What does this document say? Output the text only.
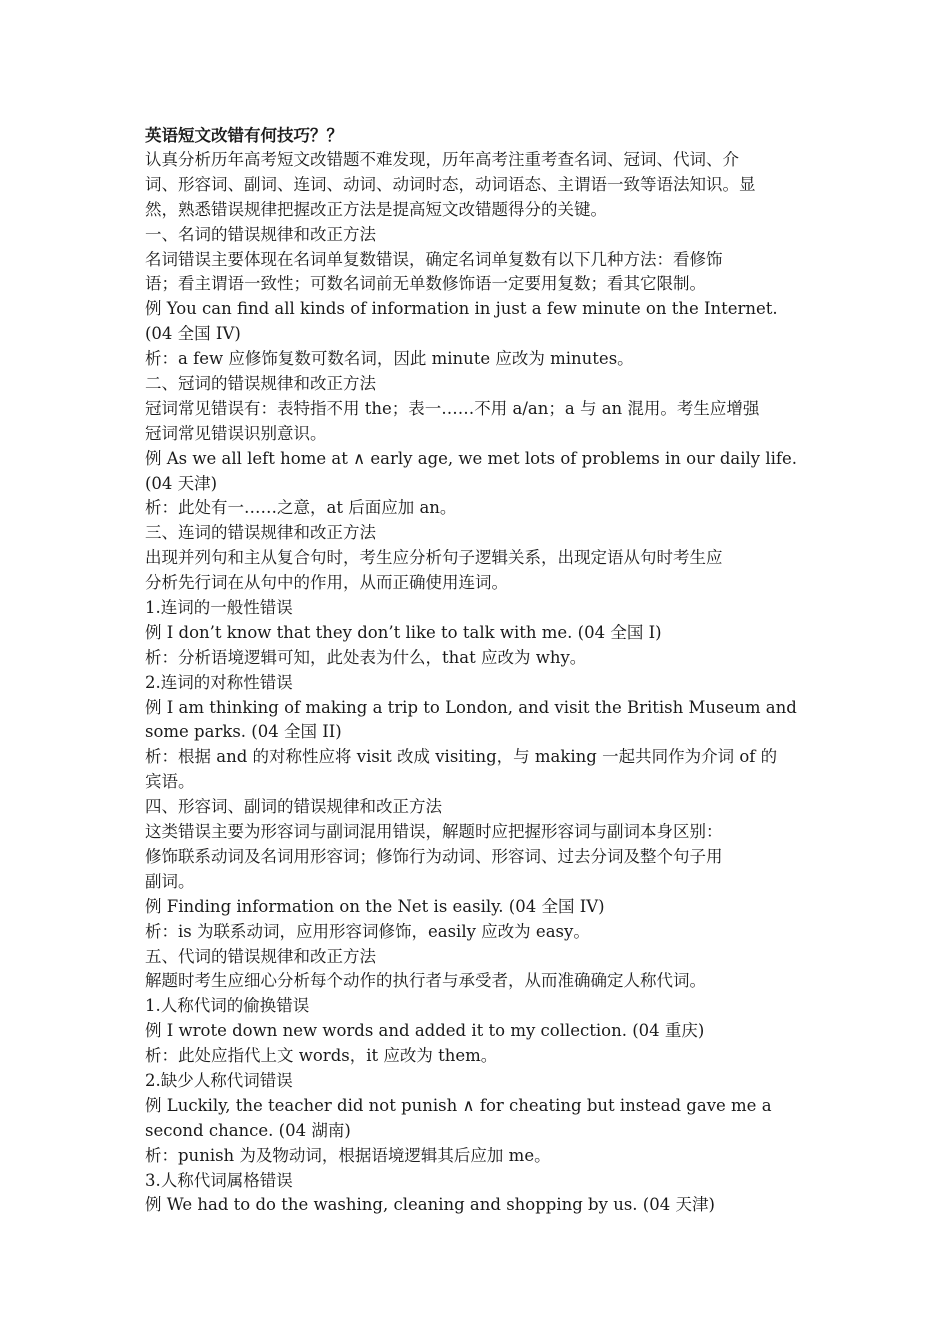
英语短文改错有何技巧？？

认真分析历年高考短文改错题不难发现，历年高考注重考查名词、冠词、代词、介

词、形容词、副词、连词、动词、动词时态，动词语态、主谓语一致等语法知识。显

然，熟悉错误规律把握改正方法是提高短文改错题得分的关键。

一、名词的错误规律和改正方法

名词错误主要体现在名词单复数错误，确定名词单复数有以下几种方法：看修饰

语；看主谓语一致性；可数名词前无单数修饰语一定要用复数；看其它限制。

例 You can find all kinds of information in just a few minute on the Internet.

(04 全国 IV)

析：a few 应修饰复数可数名词，因此 minute 应改为 minutes。

二、冠词的错误规律和改正方法

冠词常见错误有：表特指不用 the；表一……不用 a/an；a 与 an 混用。考生应增强

冠词常见错误识别意识。

例 As we all left home at ∧ early age, we met lots of problems in our daily life.

(04 天津)

析：此处有一……之意，at 后面应加 an。

三、连词的错误规律和改正方法

出现并列句和主从复合句时，考生应分析句子逻辑关系，出现定语从句时考生应

分析先行词在从句中的作用，从而正确使用连词。

1.连词的一般性错误

例 I don’t know that they don’t like to talk with me. (04 全国 I)

析：分析语境逻辑可知，此处表为什么，that 应改为 why。

2.连词的对称性错误

例 I am thinking of making a trip to London, and visit the British Museum and

some parks. (04 全国 II)

析：根据 and 的对称性应将 visit 改成 visiting，与 making 一起共同作为介词 of 的

宾语。

四、形容词、副词的错误规律和改正方法

这类错误主要为形容词与副词混用错误，解题时应把握形容词与副词本身区别：

修饰联系动词及名词用形容词；修饰行为动词、形容词、过去分词及整个句子用

副词。

例 Finding information on the Net is easily. (04 全国 IV)

析：is 为联系动词，应用形容词修饰，easily 应改为 easy。

五、代词的错误规律和改正方法

解题时考生应细心分析每个动作的执行者与承受者，从而准确确定人称代词。

1.人称代词的偷换错误

例 I wrote down new words and added it to my collection. (04 重庆)

析：此处应指代上文 words，it 应改为 them。

2.缺少人称代词错误

例 Luckily, the teacher did not punish ∧ for cheating but instead gave me a

second chance. (04 湖南)

析：punish 为及物动词，根据语境逻辑其后应加 me。

3.人称代词属格错误

例 We had to do the washing, cleaning and shopping by us. (04 天津)
